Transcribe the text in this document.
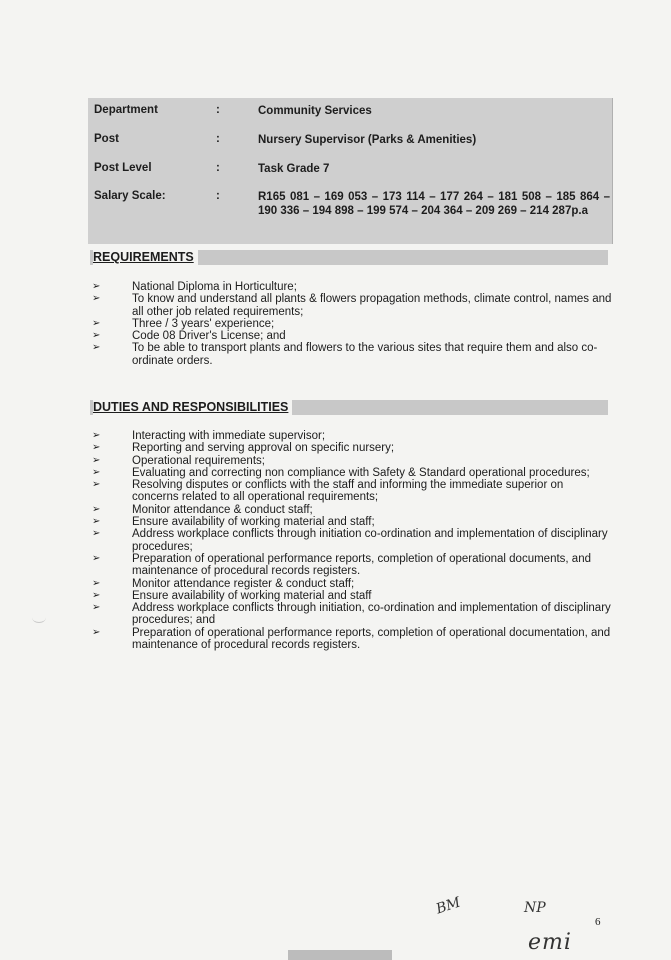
Department	:	Community Services
Post	:	Nursery Supervisor (Parks & Amenities)
Post Level	:	Task Grade 7
Salary Scale:	:	R165 081 – 169 053 – 173 114 – 177 264 – 181 508 – 185 864 – 190 336 – 194 898 – 199 574 – 204 364 – 209 269 – 214 287p.a
REQUIREMENTS
➢	National Diploma in Horticulture;
➢	To know and understand all plants & flowers propagation methods, climate control, names and all other job related requirements;
➢	Three / 3 years' experience;
➢	Code 08 Driver's License; and
➢	To be able to transport plants and flowers to the various sites that require them and also co-ordinate orders.
DUTIES AND RESPONSIBILITIES
➢	Interacting with immediate supervisor;
➢	Reporting and serving approval on specific nursery;
➢	Operational requirements;
➢	Evaluating and correcting non compliance with Safety & Standard operational procedures;
➢	Resolving disputes or conflicts with the staff and informing the immediate superior on concerns related to all operational requirements;
➢	Monitor attendance & conduct staff;
➢	Ensure availability of working material and staff;
➢	Address workplace conflicts through initiation co-ordination and implementation of disciplinary procedures;
➢	Preparation of operational performance reports, completion of operational documents, and maintenance of procedural records registers.
➢	Monitor attendance register & conduct staff;
➢	Ensure availability of working material and staff
➢	Address workplace conflicts through initiation, co-ordination and implementation of disciplinary procedures; and
➢	Preparation of operational performance reports, completion of operational documentation, and maintenance of procedural records registers.
BM	NP
6
emi
